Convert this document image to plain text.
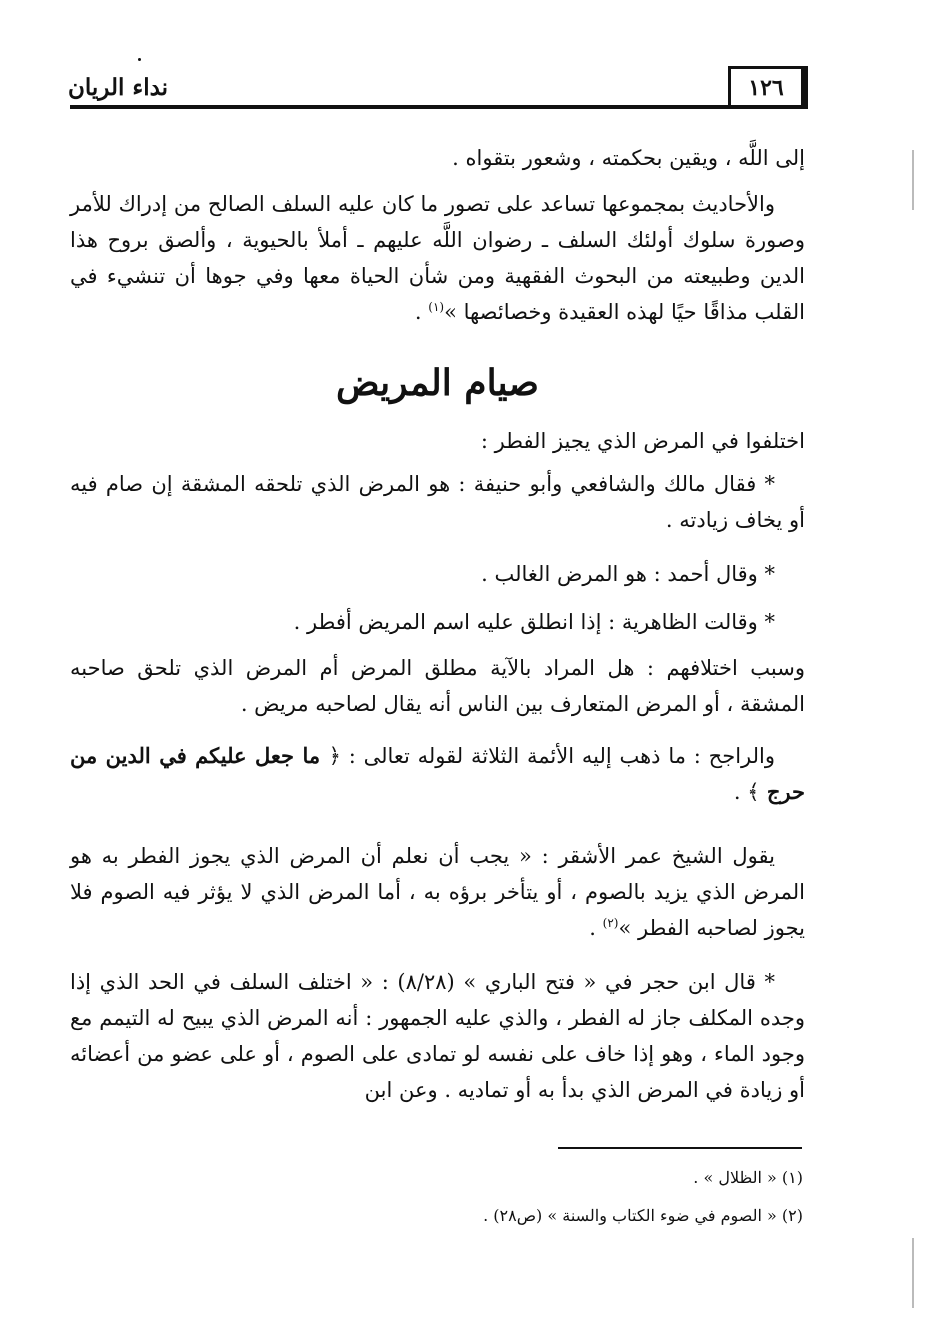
نداء الريان	١٢٦
إلى اللَّه ، ويقين بحكمته ، وشعور بتقواه .
والأحاديث بمجموعها تساعد على تصور ما كان عليه السلف الصالح من إدراك للأمر وصورة سلوك أولئك السلف ـ رضوان اللَّه عليهم ـ أملأ بالحيوية ، وألصق بروح هذا الدين وطبيعته من البحوث الفقهية ومن شأن الحياة معها وفي جوها أن تنشيء في القلب مذاقًا حيًا لهذه العقيدة وخصائصها »$^{(١)}$ .
صيام المريض
اختلفوا في المرض الذي يجيز الفطر :
* فقال مالك والشافعي وأبو حنيفة : هو المرض الذي تلحقه المشقة إن صام فيه أو يخاف زيادته .
* وقال أحمد : هو المرض الغالب .
* وقالت الظاهرية : إذا انطلق عليه اسم المريض أفطر .
وسبب اختلافهم : هل المراد بالآية مطلق المرض أم المرض الذي تلحق صاحبه المشقة ، أو المرض المتعارف بين الناس أنه يقال لصاحبه مريض .
والراجح : ما ذهب إليه الأئمة الثلاثة لقوله تعالى : ﴿ ما جعل عليكم في الدين من حرج ﴾ .
يقول الشيخ عمر الأشقر : « يجب أن نعلم أن المرض الذي يجوز الفطر به هو المرض الذي يزيد بالصوم ، أو يتأخر برؤه به ، أما المرض الذي لا يؤثر فيه الصوم فلا يجوز لصاحبه الفطر »$^{(٢)}$ .
* قال ابن حجر في « فتح الباري » (٨/٢٨) : « اختلف السلف في الحد الذي إذا وجده المكلف جاز له الفطر ، والذي عليه الجمهور : أنه المرض الذي يبيح له التيمم مع وجود الماء ، وهو إذا خاف على نفسه لو تمادى على الصوم ، أو على عضو من أعضائه أو زيادة في المرض الذي بدأ به أو تماديه . وعن ابن
(١) « الظلال » .
(٢) « الصوم في ضوء الكتاب والسنة » (ص٢٨) .
